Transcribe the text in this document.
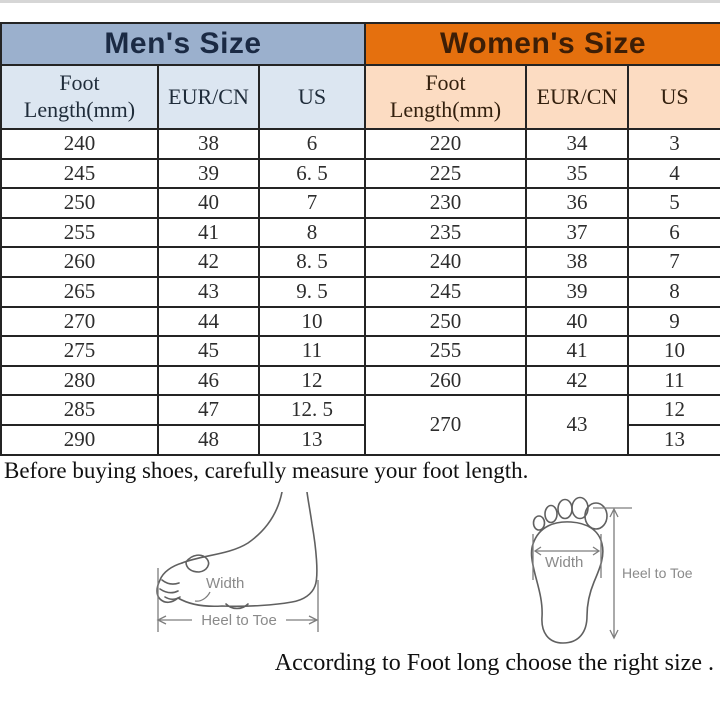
Men's Size			Women's Size		
Foot Length(mm)	EUR/CN	US	Foot Length(mm)	EUR/CN	US
240	38	6	220	34	3
245	39	6. 5	225	35	4
250	40	7	230	36	5
255	41	8	235	37	6
260	42	8. 5	240	38	7
265	43	9. 5	245	39	8
270	44	10	250	40	9
275	45	11	255	41	10
280	46	12	260	42	11
285	47	12. 5	270	43	12
290	48	13			13
Before buying shoes, carefully measure your foot length.
Width
Heel to Toe
Width
Heel to Toe
According to Foot long choose the right size .
